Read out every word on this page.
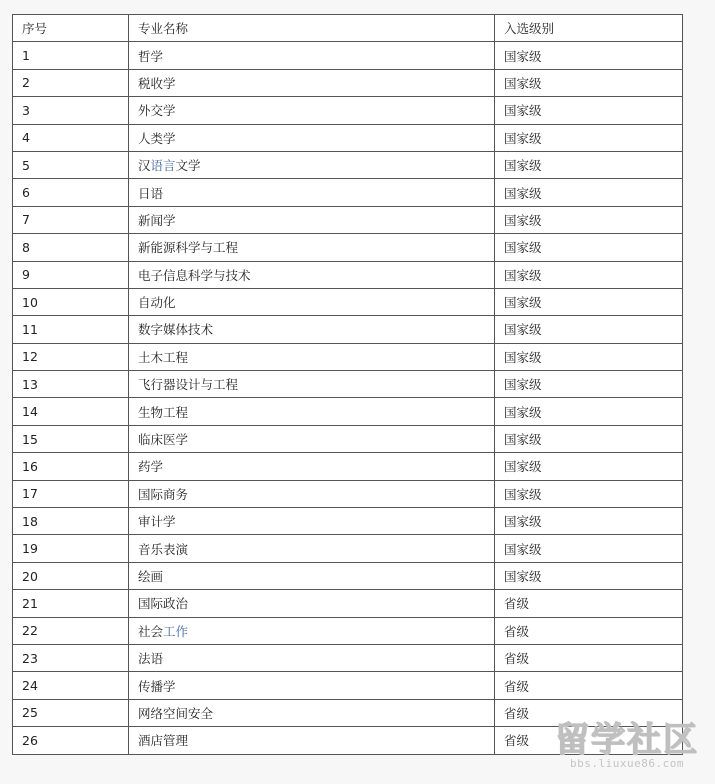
序号	专业名称	入选级别
1	哲学	国家级
2	税收学	国家级
3	外交学	国家级
4	人类学	国家级
5	汉语言文学	国家级
6	日语	国家级
7	新闻学	国家级
8	新能源科学与工程	国家级
9	电子信息科学与技术	国家级
10	自动化	国家级
11	数字媒体技术	国家级
12	土木工程	国家级
13	飞行器设计与工程	国家级
14	生物工程	国家级
15	临床医学	国家级
16	药学	国家级
17	国际商务	国家级
18	审计学	国家级
19	音乐表演	国家级
20	绘画	国家级
21	国际政治	省级
22	社会工作	省级
23	法语	省级
24	传播学	省级
25	网络空间安全	省级
26	酒店管理	省级 留学社区
bbs.liuxue86.com
